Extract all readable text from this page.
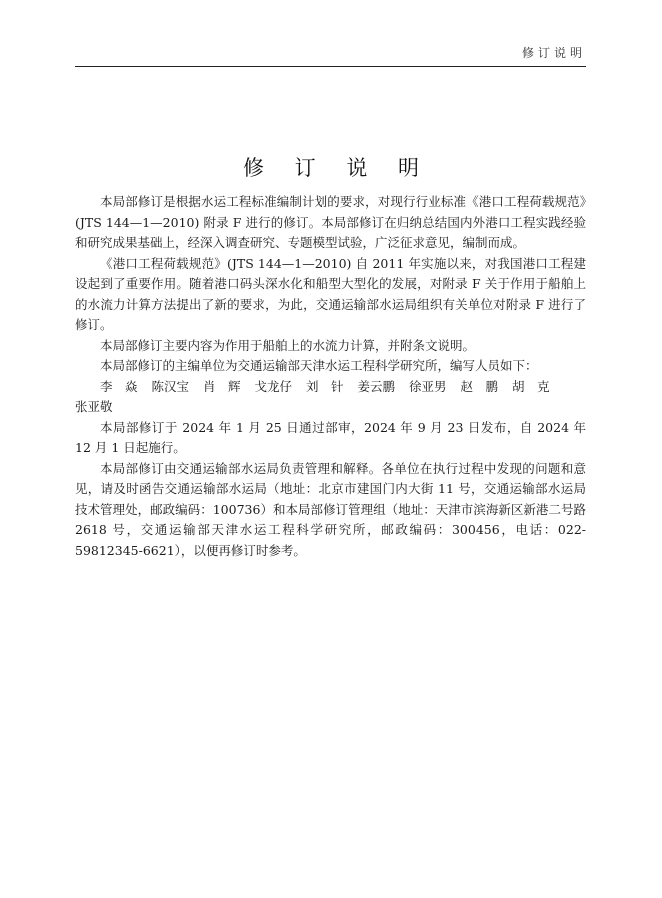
修订说明
修 订 说 明

本局部修订是根据水运工程标准编制计划的要求，对现行行业标准《港口工程荷载规范》(JTS 144—1—2010) 附录 F 进行的修订。本局部修订在归纳总结国内外港口工程实践经验和研究成果基础上，经深入调查研究、专题模型试验，广泛征求意见，编制而成。

《港口工程荷载规范》(JTS 144—1—2010) 自 2011 年实施以来，对我国港口工程建设起到了重要作用。随着港口码头深水化和船型大型化的发展，对附录 F 关于作用于船舶上的水流力计算方法提出了新的要求，为此，交通运输部水运局组织有关单位对附录 F 进行了修订。

本局部修订主要内容为作用于船舶上的水流力计算，并附条文说明。

本局部修订的主编单位为交通运输部天津水运工程科学研究所，编写人员如下：

李　焱 陈汉宝 肖　辉 戈龙仔 刘　针 姜云鹏 徐亚男 赵　鹏 胡　克
张亚敬

本局部修订于 2024 年 1 月 25 日通过部审，2024 年 9 月 23 日发布，自 2024 年 12 月 1 日起施行。

本局部修订由交通运输部水运局负责管理和解释。各单位在执行过程中发现的问题和意见，请及时函告交通运输部水运局（地址：北京市建国门内大街 11 号，交通运输部水运局技术管理处，邮政编码：100736）和本局部修订管理组（地址：天津市滨海新区新港二号路 2618 号，交通运输部天津水运工程科学研究所，邮政编码：300456，电话：022-59812345-6621），以便再修订时参考。
